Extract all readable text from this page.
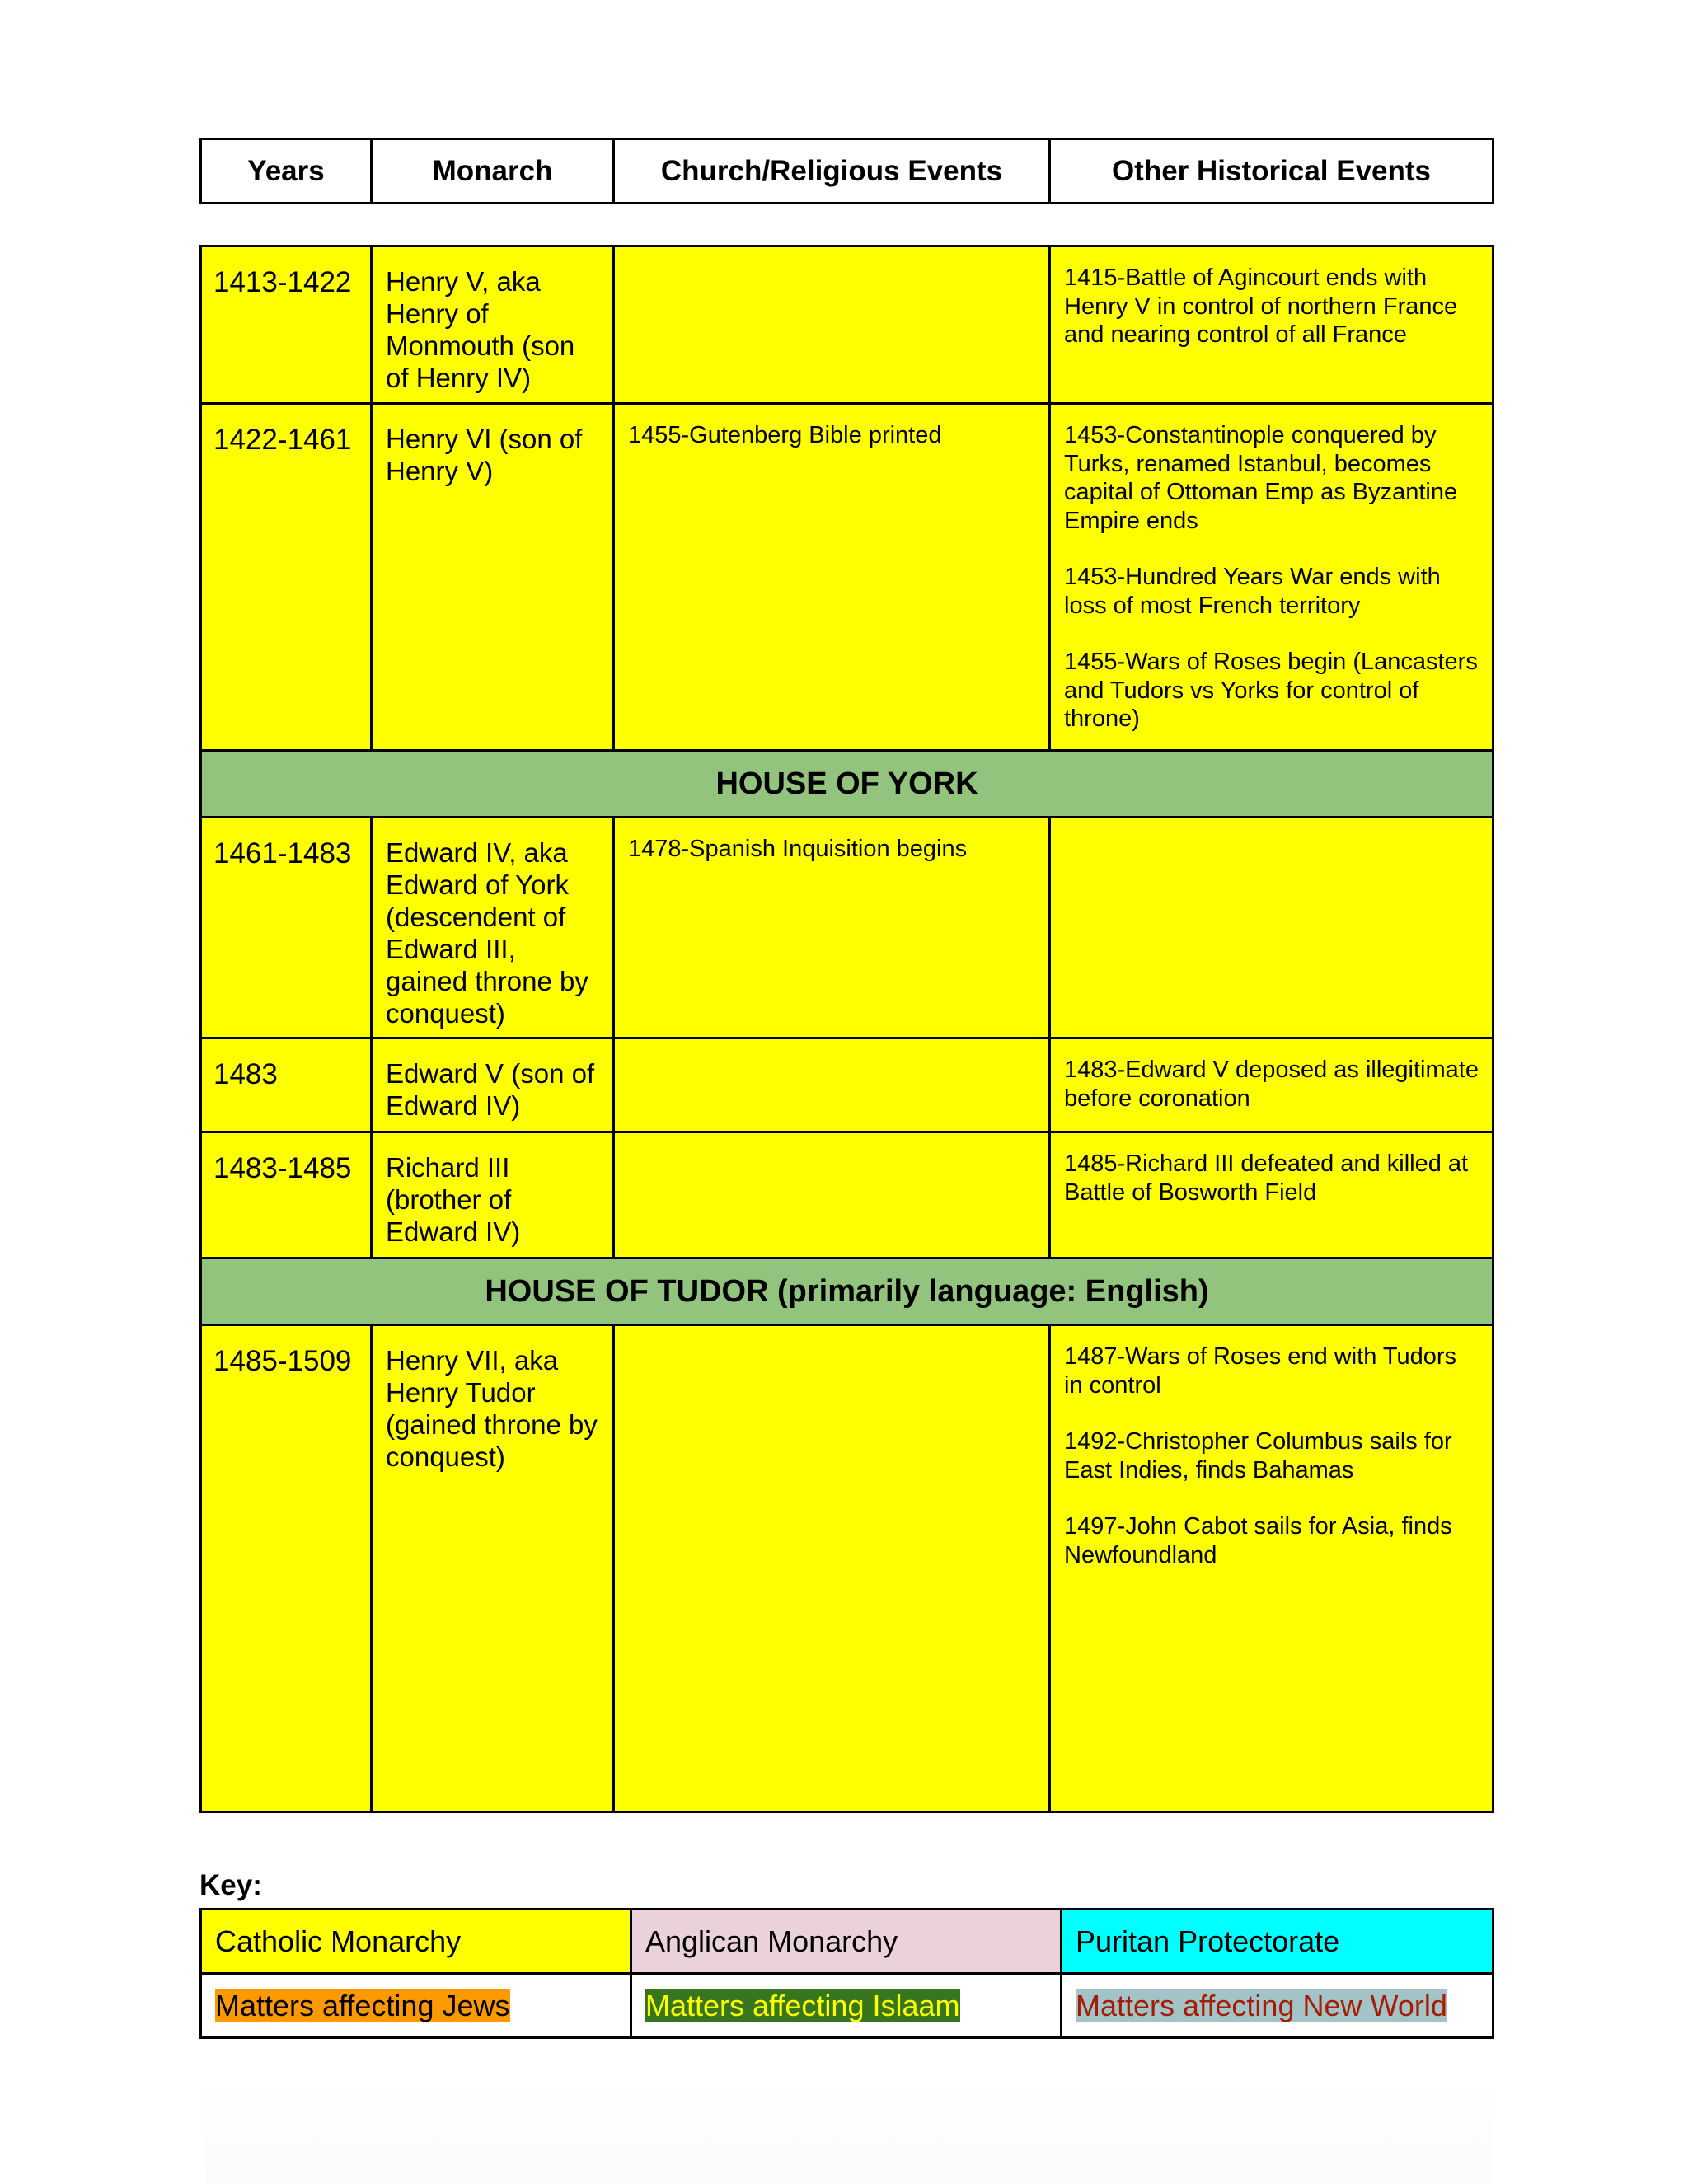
Years	Monarch	Church/Religious Events	Other Historical Events
1413-1422	Henry V, aka Henry of Monmouth (son of Henry IV)		1415-Battle of Agincourt ends with Henry V in control of northern France and nearing control of all France

1422-1461	Henry VI (son of Henry V)	1455-Gutenberg Bible printed	1453-Constantinople conquered by Turks, renamed Istanbul, becomes capital of Ottoman Emp as Byzantine Empire ends

1453-Hundred Years War ends with loss of most French territory

1455-Wars of Roses begin (Lancasters and Tudors vs Yorks for control of throne)

HOUSE OF YORK			
1461-1483	Edward IV, aka Edward of York (descendent of Edward III, gained throne by conquest)	1478-Spanish Inquisition begins	
1483	Edward V (son of Edward IV)		1483-Edward V deposed as illegitimate before coronation

1483-1485	Richard III (brother of Edward IV)		1485-Richard III defeated and killed at Battle of Bosworth Field

HOUSE OF TUDOR (primarily language: English)			
1485-1509	Henry VII, aka Henry Tudor (gained throne by conquest)		1487-Wars of Roses end with Tudors in control

1492-Christopher Columbus sails for East Indies, finds Bahamas

1497-John Cabot sails for Asia, finds Newfoundland

Key:
Catholic Monarchy	Anglican Monarchy	Puritan Protectorate
Matters affecting Jews	Matters affecting Islaam	Matters affecting New World
